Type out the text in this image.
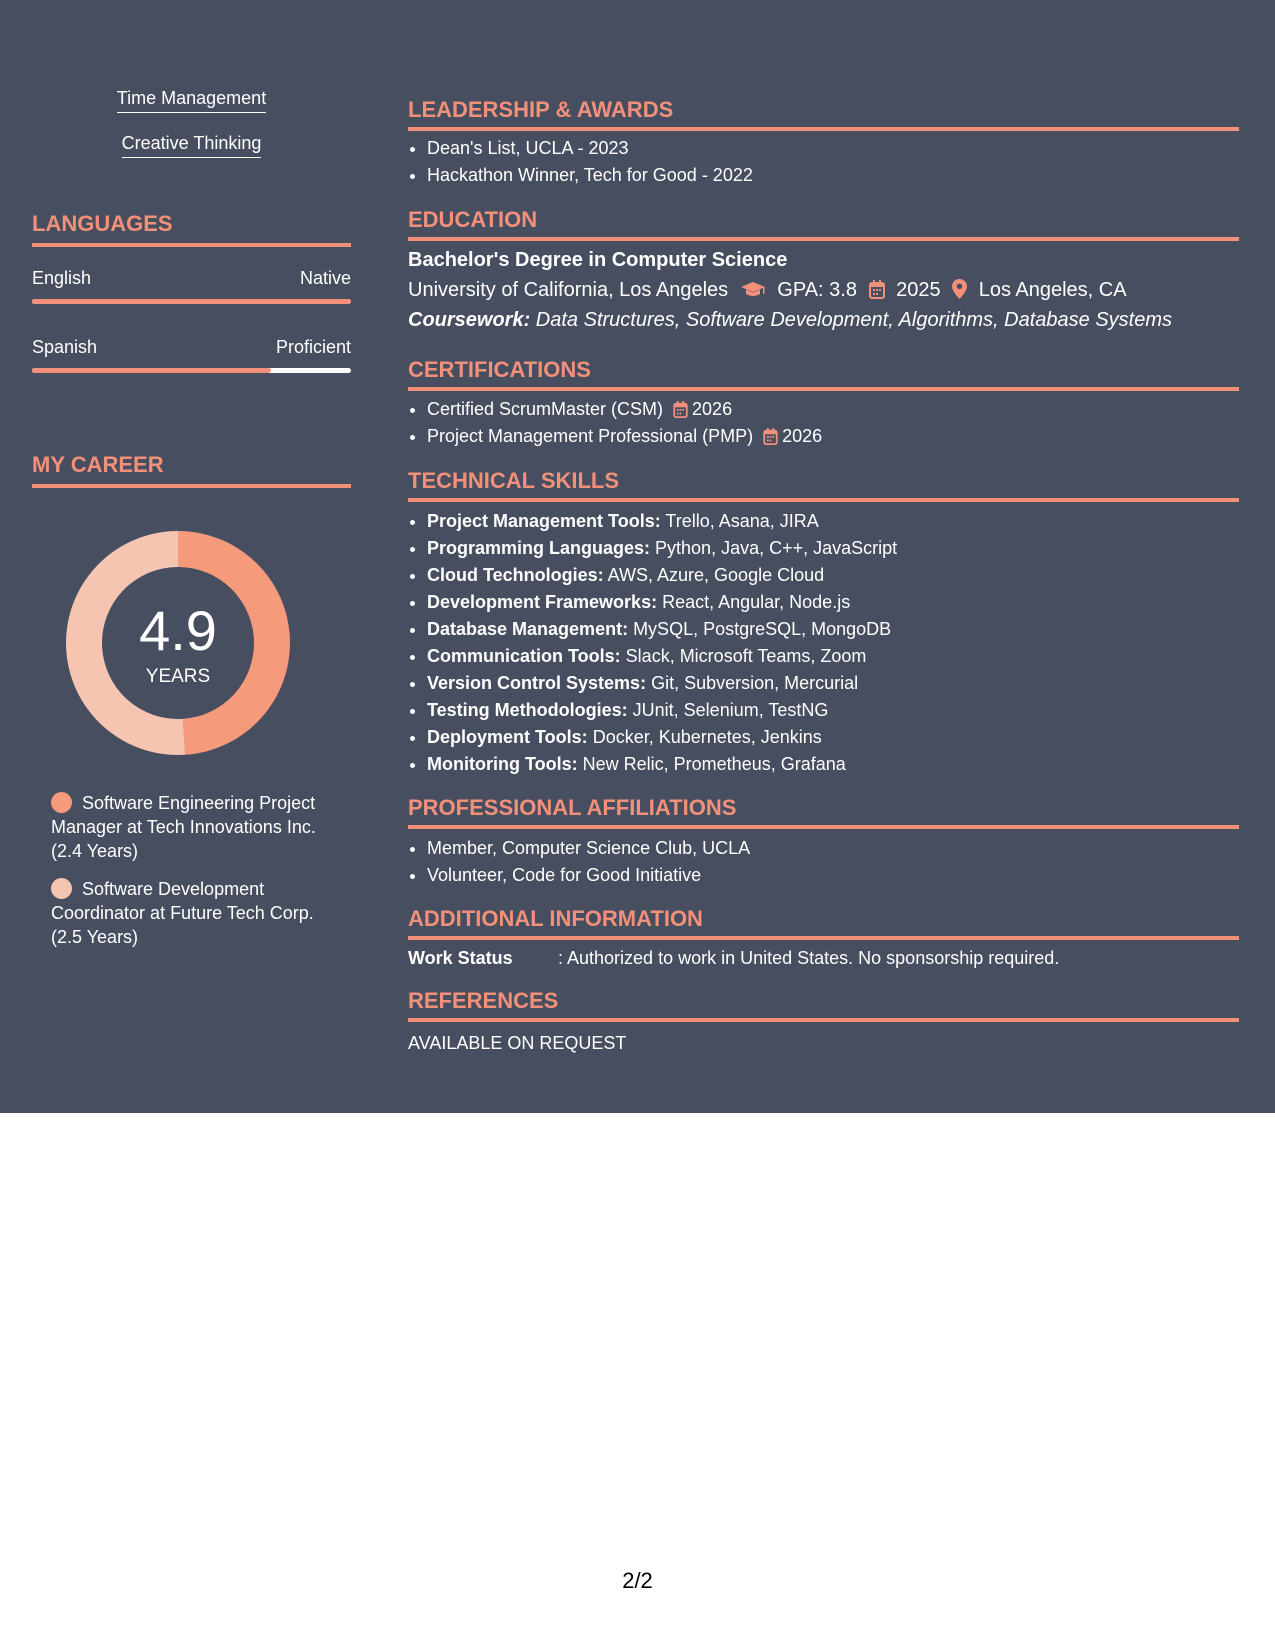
Time Management
Creative Thinking
LANGUAGES
English	Native
Spanish	Proficient
MY CAREER
4.9
YEARS
Software Engineering Project Manager at Tech Innovations Inc. (2.4 Years)
Software Development Coordinator at Future Tech Corp. (2.5 Years)
LEADERSHIP & AWARDS
• Dean's List, UCLA - 2023
• Hackathon Winner, Tech for Good - 2022
EDUCATION
Bachelor's Degree in Computer Science
University of California, Los Angeles GPA: 3.8 2025 Los Angeles, CA
Coursework: Data Structures, Software Development, Algorithms, Database Systems
CERTIFICATIONS
• Certified ScrumMaster (CSM) 2026
• Project Management Professional (PMP) 2026
TECHNICAL SKILLS
• Project Management Tools: Trello, Asana, JIRA
• Programming Languages: Python, Java, C++, JavaScript
• Cloud Technologies: AWS, Azure, Google Cloud
• Development Frameworks: React, Angular, Node.js
• Database Management: MySQL, PostgreSQL, MongoDB
• Communication Tools: Slack, Microsoft Teams, Zoom
• Version Control Systems: Git, Subversion, Mercurial
• Testing Methodologies: JUnit, Selenium, TestNG
• Deployment Tools: Docker, Kubernetes, Jenkins
• Monitoring Tools: New Relic, Prometheus, Grafana
PROFESSIONAL AFFILIATIONS
• Member, Computer Science Club, UCLA
• Volunteer, Code for Good Initiative
ADDITIONAL INFORMATION
Work Status	: Authorized to work in United States. No sponsorship required.
REFERENCES
AVAILABLE ON REQUEST
2/2
